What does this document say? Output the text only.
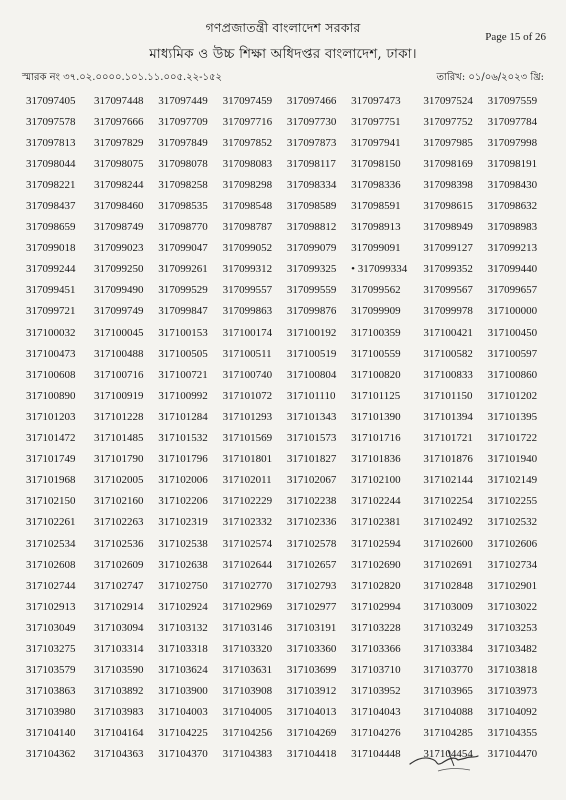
গণপ্রজাতন্ত্রী বাংলাদেশ সরকার
মাধ্যমিক ও উচ্চ শিক্ষা অধিদপ্তর বাংলাদেশ, ঢাকা।
Page 15 of 26
স্মারক নং ৩৭.০২.০০০০.১০১.১১.০০৫.২২-১৫২	তারিখ: ০১/০৬/২০২৩ খ্রি:
317097405	317097448	317097449	317097459	317097466	317097473	317097524	317097559
317097578	317097666	317097709	317097716	317097730	317097751	317097752	317097784
317097813	317097829	317097849	317097852	317097873	317097941	317097985	317097998
317098044	317098075	317098078	317098083	317098117	317098150	317098169	317098191
317098221	317098244	317098258	317098298	317098334	317098336	317098398	317098430
317098437	317098460	317098535	317098548	317098589	317098591	317098615	317098632
317098659	317098749	317098770	317098787	317098812	317098913	317098949	317098983
317099018	317099023	317099047	317099052	317099079	317099091	317099127	317099213
317099244	317099250	317099261	317099312	317099325	• 317099334	317099352	317099440
317099451	317099490	317099529	317099557	317099559	317099562	317099567	317099657
317099721	317099749	317099847	317099863	317099876	317099909	317099978	317100000
317100032	317100045	317100153	317100174	317100192	317100359	317100421	317100450
317100473	317100488	317100505	317100511	317100519	317100559	317100582	317100597
317100608	317100716	317100721	317100740	317100804	317100820	317100833	317100860
317100890	317100919	317100992	317101072	317101110	317101125	317101150	317101202
317101203	317101228	317101284	317101293	317101343	317101390	317101394	317101395
317101472	317101485	317101532	317101569	317101573	317101716	317101721	317101722
317101749	317101790	317101796	317101801	317101827	317101836	317101876	317101940
317101968	317102005	317102006	317102011	317102067	317102100	317102144	317102149
317102150	317102160	317102206	317102229	317102238	317102244	317102254	317102255
317102261	317102263	317102319	317102332	317102336	317102381	317102492	317102532
317102534	317102536	317102538	317102574	317102578	317102594	317102600	317102606
317102608	317102609	317102638	317102644	317102657	317102690	317102691	317102734
317102744	317102747	317102750	317102770	317102793	317102820	317102848	317102901
317102913	317102914	317102924	317102969	317102977	317102994	317103009	317103022
317103049	317103094	317103132	317103146	317103191	317103228	317103249	317103253
317103275	317103314	317103318	317103320	317103360	317103366	317103384	317103482
317103579	317103590	317103624	317103631	317103699	317103710	317103770	317103818
317103863	317103892	317103900	317103908	317103912	317103952	317103965	317103973
317103980	317103983	317104003	317104005	317104013	317104043	317104088	317104092
317104140	317104164	317104225	317104256	317104269	317104276	317104285	317104355
317104362	317104363	317104370	317104383	317104418	317104448	317104454	317104470
